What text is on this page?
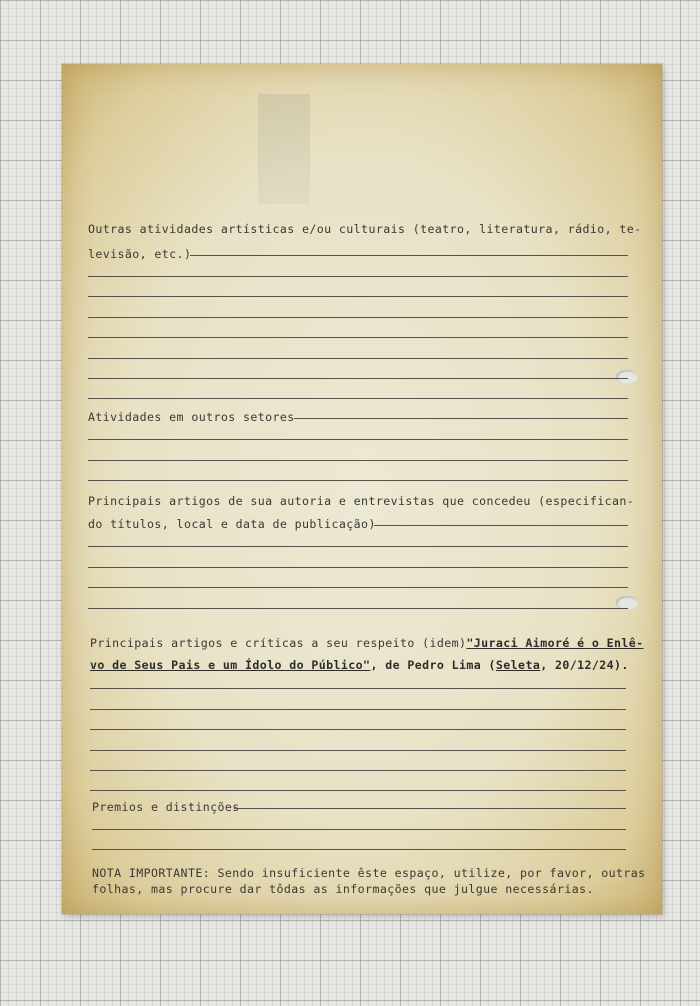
Outras atividades artísticas e/ou culturais (teatro, literatura, rádio, te-
levisão, etc.)
Atividades em outros setores
Principais artigos de sua autoria e entrevistas que concedeu (especifican-
do títulos, local e data de publicação)
Principais artigos e críticas a seu respeito (idem)"Juraci Aimoré é o Enlê-
vo de Seus Pais e um Ídolo do Público", de Pedro Lima (Seleta, 20/12/24).
Premios e distinções
NOTA IMPORTANTE: Sendo insuficiente êste espaço, utilize, por favor, outras
folhas, mas procure dar tôdas as informações que julgue necessárias.
